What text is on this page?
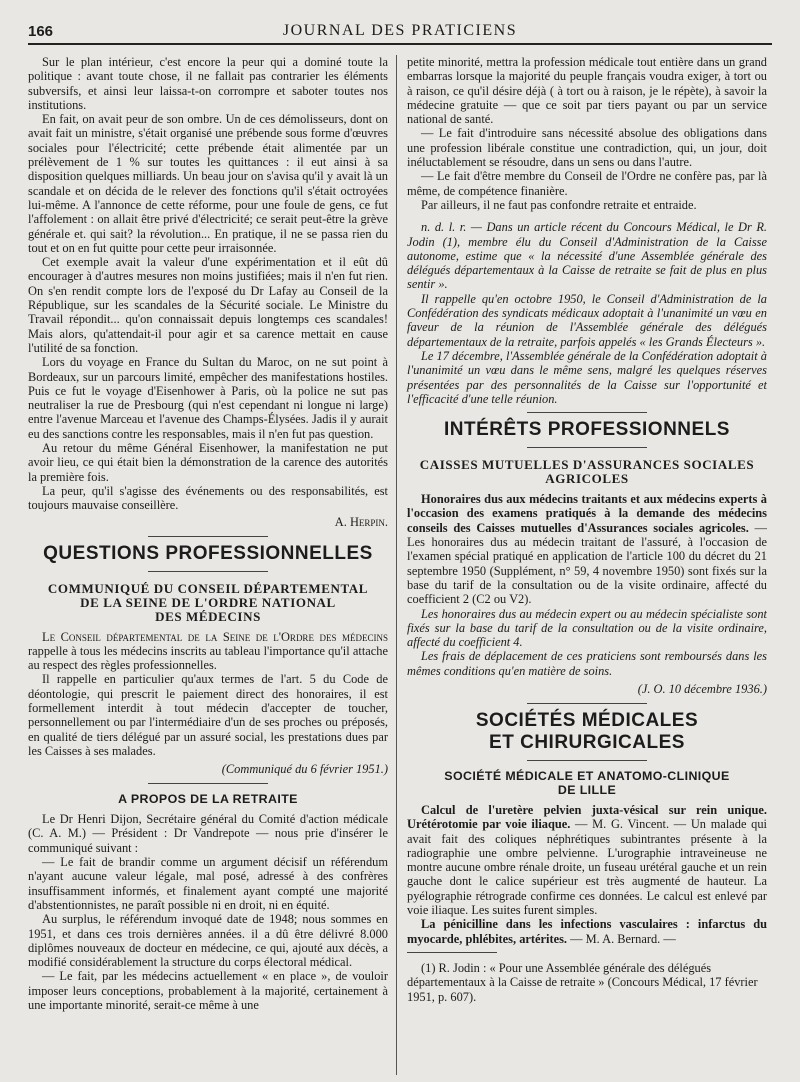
166	JOURNAL DES PRATICIENS

Sur le plan intérieur, c'est encore la peur qui a dominé toute la politique : avant toute chose, il ne fallait pas contrarier les éléments subversifs, et ainsi leur laissa-t-on corrompre et saboter toutes nos institutions.

En fait, on avait peur de son ombre. Un de ces démolisseurs, dont on avait fait un ministre, s'était organisé une prébende sous forme d'œuvres sociales pour l'électricité; cette prébende était alimentée par un prélèvement de 1 % sur toutes les quittances : il eut ainsi à sa disposition quelques milliards. Un beau jour on s'avisa qu'il y avait là un scandale et on décida de le relever des fonctions qu'il s'était octroyées lui-même. A l'annonce de cette réforme, pour une foule de gens, ce fut l'affolement : on allait être privé d'électricité; ce serait peut-être la grève générale et. qui sait? la révolution... En pratique, il ne se passa rien du tout et on en fut quitte pour cette peur irraisonnée.

Cet exemple avait la valeur d'une expérimentation et il eût dû encourager à d'autres mesures non moins justifiées; mais il n'en fut rien. On s'en rendit compte lors de l'exposé du Dr Lafay au Conseil de la République, sur les scandales de la Sécurité sociale. Le Ministre du Travail répondit... qu'on connaissait depuis longtemps ces scandales! Mais alors, qu'attendait-il pour agir et sa carence mettait en cause l'utilité de sa fonction.

Lors du voyage en France du Sultan du Maroc, on ne sut point à Bordeaux, sur un parcours limité, empêcher des manifestations hostiles. Puis ce fut le voyage d'Eisenhower à Paris, où la police ne sut pas neutraliser la rue de Presbourg (qui n'est cependant ni longue ni large) entre l'avenue Marceau et l'avenue des Champs-Élysées. Jadis il y aurait eu des sanctions contre les responsables, mais il n'en fut pas question.

Au retour du même Général Eisenhower, la manifestation ne put avoir lieu, ce qui était bien la démonstration de la carence des autorités la première fois.

La peur, qu'il s'agisse des événements ou des responsabilités, est toujours mauvaise conseillère.

A. Herpin.
QUESTIONS PROFESSIONNELLES
COMMUNIQUÉ DU CONSEIL DÉPARTEMENTAL
DE LA SEINE DE L'ORDRE NATIONAL
DES MÉDECINS

Le Conseil départemental de la Seine de l'Ordre des médecins rappelle à tous les médecins inscrits au tableau l'importance qu'il attache au respect des règles professionnelles.

Il rappelle en particulier qu'aux termes de l'art. 5 du Code de déontologie, qui prescrit le paiement direct des honoraires, il est formellement interdit à tout médecin d'accepter de toucher, personnellement ou par l'intermédiaire d'un de ses proches ou préposés, en qualité de tiers délégué par un assuré social, les prestations dues par les Caisses à ses malades.

(Communiqué du 6 février 1951.)
A PROPOS DE LA RETRAITE

Le Dr Henri Dijon, Secrétaire général du Comité d'action médicale (C. A. M.) — Président : Dr Vandrepote — nous prie d'insérer le communiqué suivant :

— Le fait de brandir comme un argument décisif un référendum n'ayant aucune valeur légale, mal posé, adressé à des confrères insuffisamment informés, et finalement ayant compté une majorité d'abstentionnistes, ne paraît possible ni en droit, ni en équité.

Au surplus, le référendum invoqué date de 1948; nous sommes en 1951, et dans ces trois dernières années. il a dû être délivré 8.000 diplômes nouveaux de docteur en médecine, ce qui, ajouté aux décès, a modifié considérablement la structure du corps électoral médical.

— Le fait, par les médecins actuellement « en place », de vouloir imposer leurs conceptions, probablement à la majorité, certainement à une importante minorité, serait-ce même à une

petite minorité, mettra la profession médicale tout entière dans un grand embarras lorsque la majorité du peuple français voudra exiger, à tort ou à raison, ce qu'il désire déjà ( à tort ou à raison, je le répète), à savoir la médecine gratuite — que ce soit par tiers payant ou par un service national de santé.

— Le fait d'introduire sans nécessité absolue des obligations dans une profession libérale constitue une contradiction, qui, un jour, doit inéluctablement se résoudre, dans un sens ou dans l'autre.

— Le fait d'être membre du Conseil de l'Ordre ne confère pas, par là même, de compétence finanière.

Par ailleurs, il ne faut pas confondre retraite et entraide.

n. d. l. r. — Dans un article récent du Concours Médical, le Dr R. Jodin (1), membre élu du Conseil d'Administration de la Caisse autonome, estime que « la nécessité d'une Assemblée générale des délégués départementaux à la Caisse de retraite se fait de plus en plus sentir ».

Il rappelle qu'en octobre 1950, le Conseil d'Administration de la Confédération des syndicats médicaux adoptait à l'unanimité un vœu en faveur de la réunion de l'Assemblée générale des délégués départementaux de la retraite, parfois appelés « les Grands Électeurs ».

Le 17 décembre, l'Assemblée générale de la Confédération adoptait à l'unanimité un vœu dans le même sens, malgré les quelques réserves présentées par des personnalités de la Caisse sur l'opportunité et l'efficacité d'une telle réunion.

INTÉRÊTS PROFESSIONNELS
CAISSES MUTUELLES D'ASSURANCES SOCIALES
AGRICOLES

Honoraires dus aux médecins traitants et aux médecins experts à l'occasion des examens pratiqués à la demande des médecins conseils des Caisses mutuelles d'Assurances sociales agricoles. — Les honoraires dus au médecin traitant de l'assuré, à l'occasion de l'examen spécial pratiqué en application de l'article 100 du décret du 21 septembre 1950 (Supplément, n° 59, 4 novembre 1950) sont fixés sur la base du tarif de la consultation ou de la visite ordinaire, affecté du coefficient 2 (C2 ou V2).

Les honoraires dus au médecin expert ou au médecin spécialiste sont fixés sur la base du tarif de la consultation ou de la visite ordinaire, affecté du coefficient 4.

Les frais de déplacement de ces praticiens sont remboursés dans les mêmes conditions qu'en matière de soins.

(J. O. 10 décembre 1936.)
SOCIÉTÉS MÉDICALES
ET CHIRURGICALES
SOCIÉTÉ MÉDICALE ET ANATOMO-CLINIQUE
DE LILLE

Calcul de l'uretère pelvien juxta-vésical sur rein unique. Urétérotomie par voie iliaque. — M. G. Vincent. — Un malade qui avait fait des coliques néphrétiques subintrantes présente à la radiographie une ombre pelvienne. L'urographie intraveineuse ne montre aucune ombre rénale droite, un fuseau urétéral gauche et un rein gauche dont le calice supérieur est très augmenté de hauteur. La pyélographie rétrograde confirme ces données. Le calcul est enlevé par voie iliaque. Les suites furent simples.

La pénicilline dans les infections vasculaires : infarctus du myocarde, phlébites, artérites. — M. A. Bernard. —

(1) R. Jodin : « Pour une Assemblée générale des délégués départementaux à la Caisse de retraite » (Concours Médical, 17 février 1951, p. 607).
